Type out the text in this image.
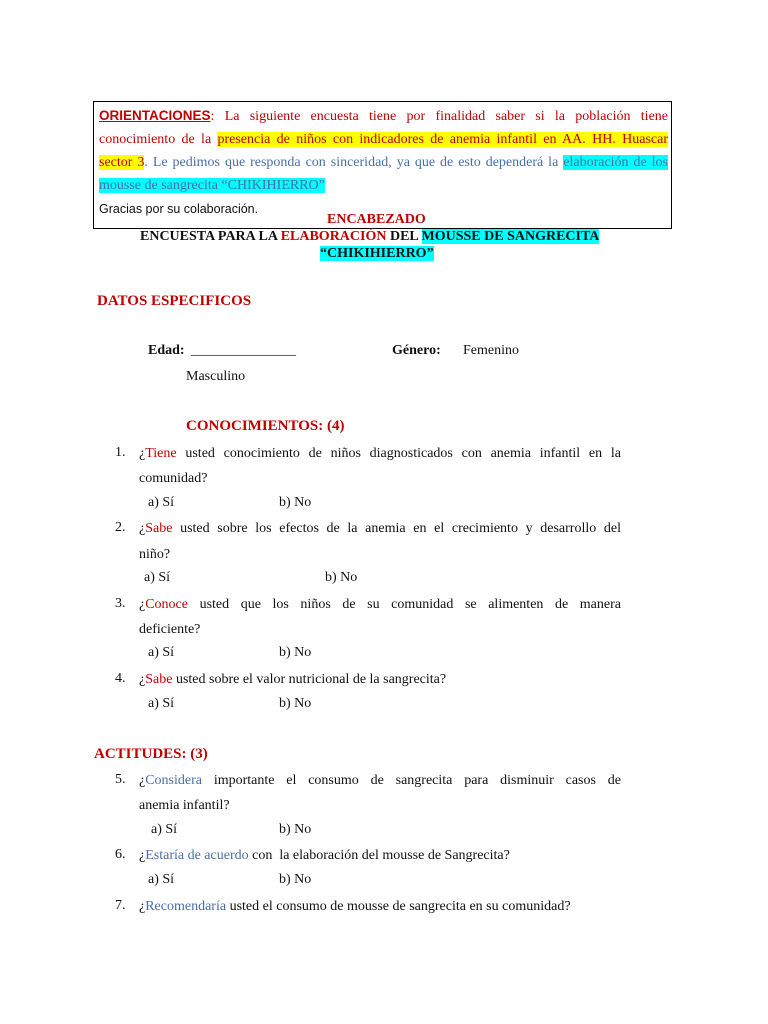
ORIENTACIONES: La siguiente encuesta tiene por finalidad saber si la población tiene
conocimiento de la presencia de niños con indicadores de anemia infantil en AA. HH. Huascar
sector 3. Le pedimos que responda con sinceridad, ya que de esto dependerá la elaboración de los
mousse de sangrecita “CHIKIHIERRO”
Gracias por su colaboración.
ENCABEZADO
ENCUESTA PARA LA ELABORACIÓN DEL MOUSSE DE SANGRECITA
“CHIKIHIERRO”
DATOS ESPECIFICOS
Edad: _______________	Género: Femenino
Masculino
CONOCIMIENTOS: (4)
1. ¿Tiene usted conocimiento de niños diagnosticados con anemia infantil en la
comunidad?
a) Sí	b) No
2. ¿Sabe usted sobre los efectos de la anemia en el crecimiento y desarrollo del
niño?
a) Sí	b) No
3. ¿Conoce usted que los niños de su comunidad se alimenten de manera
deficiente?
a) Sí	b) No
4. ¿Sabe usted sobre el valor nutricional de la sangrecita?
a) Sí	b) No
ACTITUDES: (3)
5. ¿Considera importante el consumo de sangrecita para disminuir casos de
anemia infantil?
a) Sí	b) No
6. ¿Estaría de acuerdo con  la elaboración del mousse de Sangrecita?
a) Sí	b) No
7. ¿Recomendaría usted el consumo de mousse de sangrecita en su comunidad?
